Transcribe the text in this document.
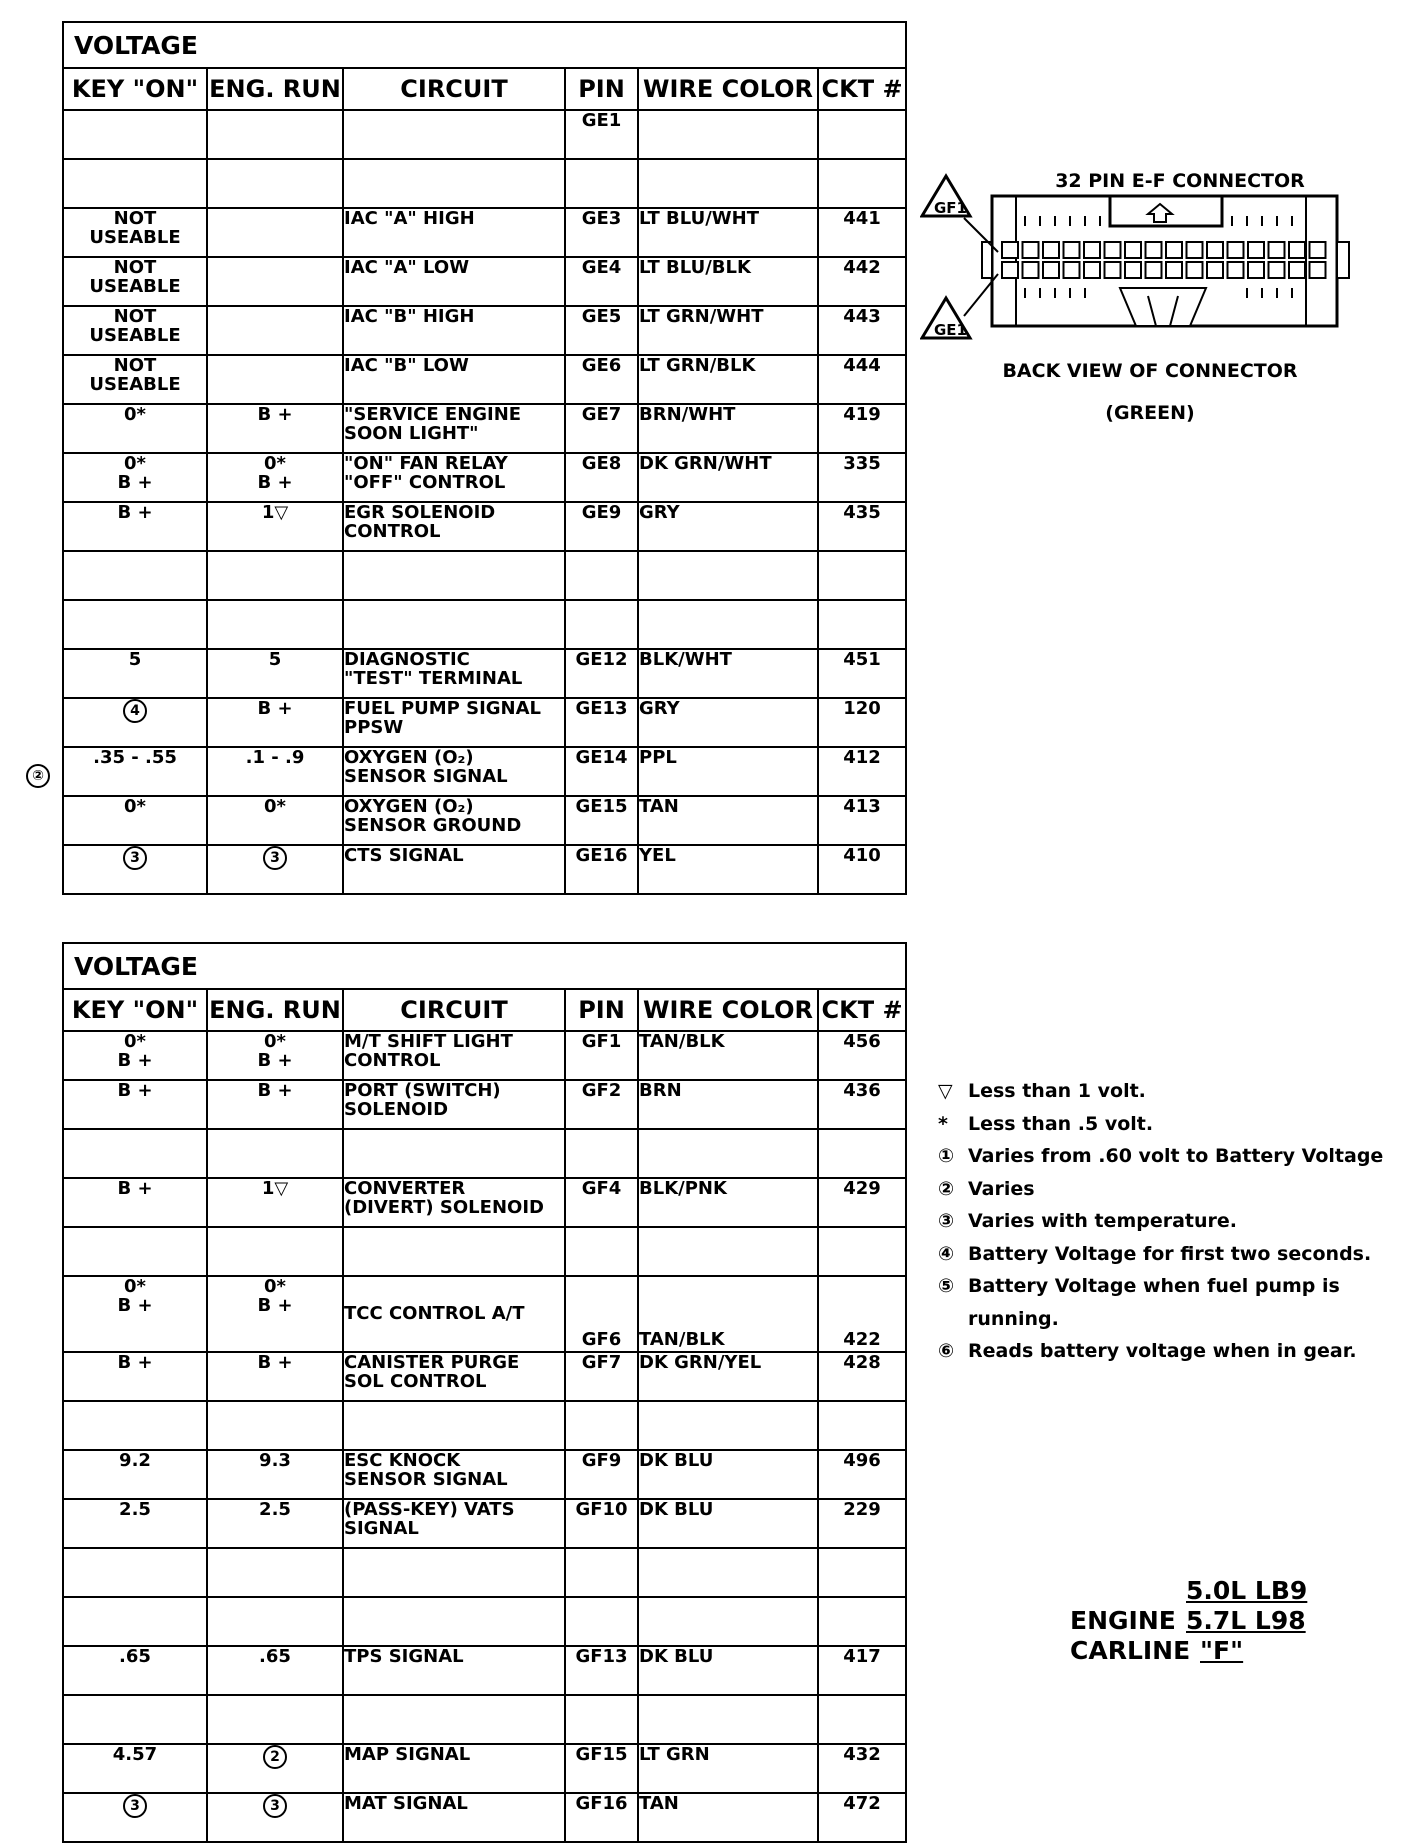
VOLTAGE					
KEY "ON"	ENG. RUN	CIRCUIT	PIN	WIRE COLOR	CKT #
			GE1		

NOT
USEABLE		IAC "A" HIGH	GE3	LT BLU/WHT	441

NOT
USEABLE		IAC "A" LOW	GE4	LT BLU/BLK	442

NOT
USEABLE		IAC "B" HIGH	GE5	LT GRN/WHT	443

NOT
USEABLE		IAC "B" LOW	GE6	LT GRN/BLK	444

0*	B +	"SERVICE ENGINE
SOON LIGHT"	GE7	BRN/WHT	419

0*
B +	0*
B +	"ON" FAN RELAY
"OFF" CONTROL	GE8	DK GRN/WHT	335

B +	1▽	EGR SOLENOID
CONTROL	GE9	GRY	435

5	5	DIAGNOSTIC
"TEST" TERMINAL	GE12	BLK/WHT	451

4	B +	FUEL PUMP SIGNAL
PPSW	GE13	GRY	120

.35 - .55	.1 - .9	OXYGEN (O₂)
SENSOR SIGNAL	GE14	PPL	412

0*	0*	OXYGEN (O₂)
SENSOR GROUND	GE15	TAN	413

3	3	CTS SIGNAL	GE16	YEL	410
②
VOLTAGE					
KEY "ON"	ENG. RUN	CIRCUIT	PIN	WIRE COLOR	CKT #

0*
B +	0*
B +	M/T SHIFT LIGHT
CONTROL	GF1	TAN/BLK	456

B +	B +	PORT (SWITCH)
SOLENOID	GF2	BRN	436

B +	1▽	CONVERTER
(DIVERT) SOLENOID	GF4	BLK/PNK	429

0*
B +	0*
B +	TCC CONTROL A/T	GF6	TAN/BLK	422

B +	B +	CANISTER PURGE
SOL CONTROL	GF7	DK GRN/YEL	428

9.2	9.3	ESC KNOCK
SENSOR SIGNAL	GF9	DK BLU	496

2.5	2.5	(PASS-KEY) VATS
SIGNAL	GF10	DK BLU	229

.65	.65	TPS SIGNAL	GF13	DK BLU	417

4.57	2	MAP SIGNAL	GF15	LT GRN	432

3	3	MAT SIGNAL	GF16	TAN	472
GF1
GE1
32 PIN E-F CONNECTOR
BACK VIEW OF CONNECTOR
(GREEN)
▽ Less than 1 volt.
* Less than .5 volt.
① Varies from .60 volt to Battery Voltage
② Varies
③ Varies with temperature.
④ Battery Voltage for first two seconds.
⑤ Battery Voltage when fuel pump is
running.
⑥ Reads battery voltage when in gear.
5.0L LB9
ENGINE 5.7L L98
CARLINE "F"
